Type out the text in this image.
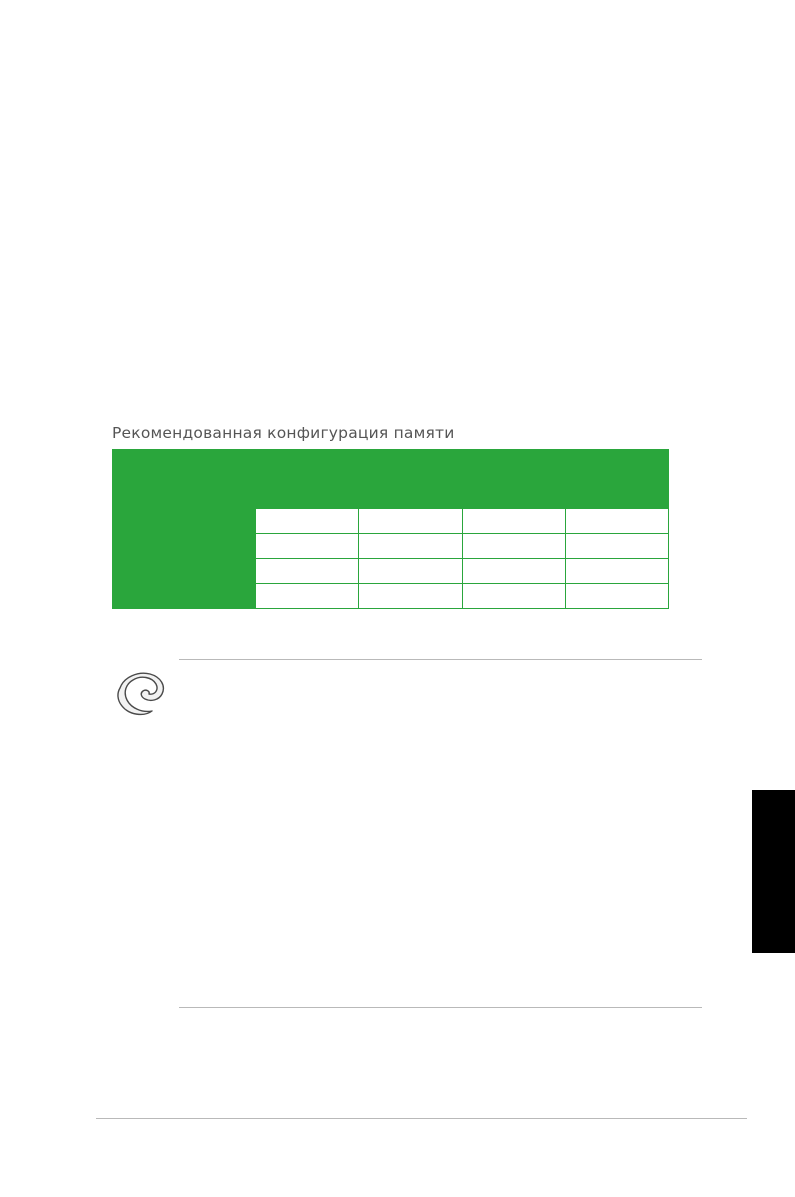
Рекомендованная конфигурация памяти
